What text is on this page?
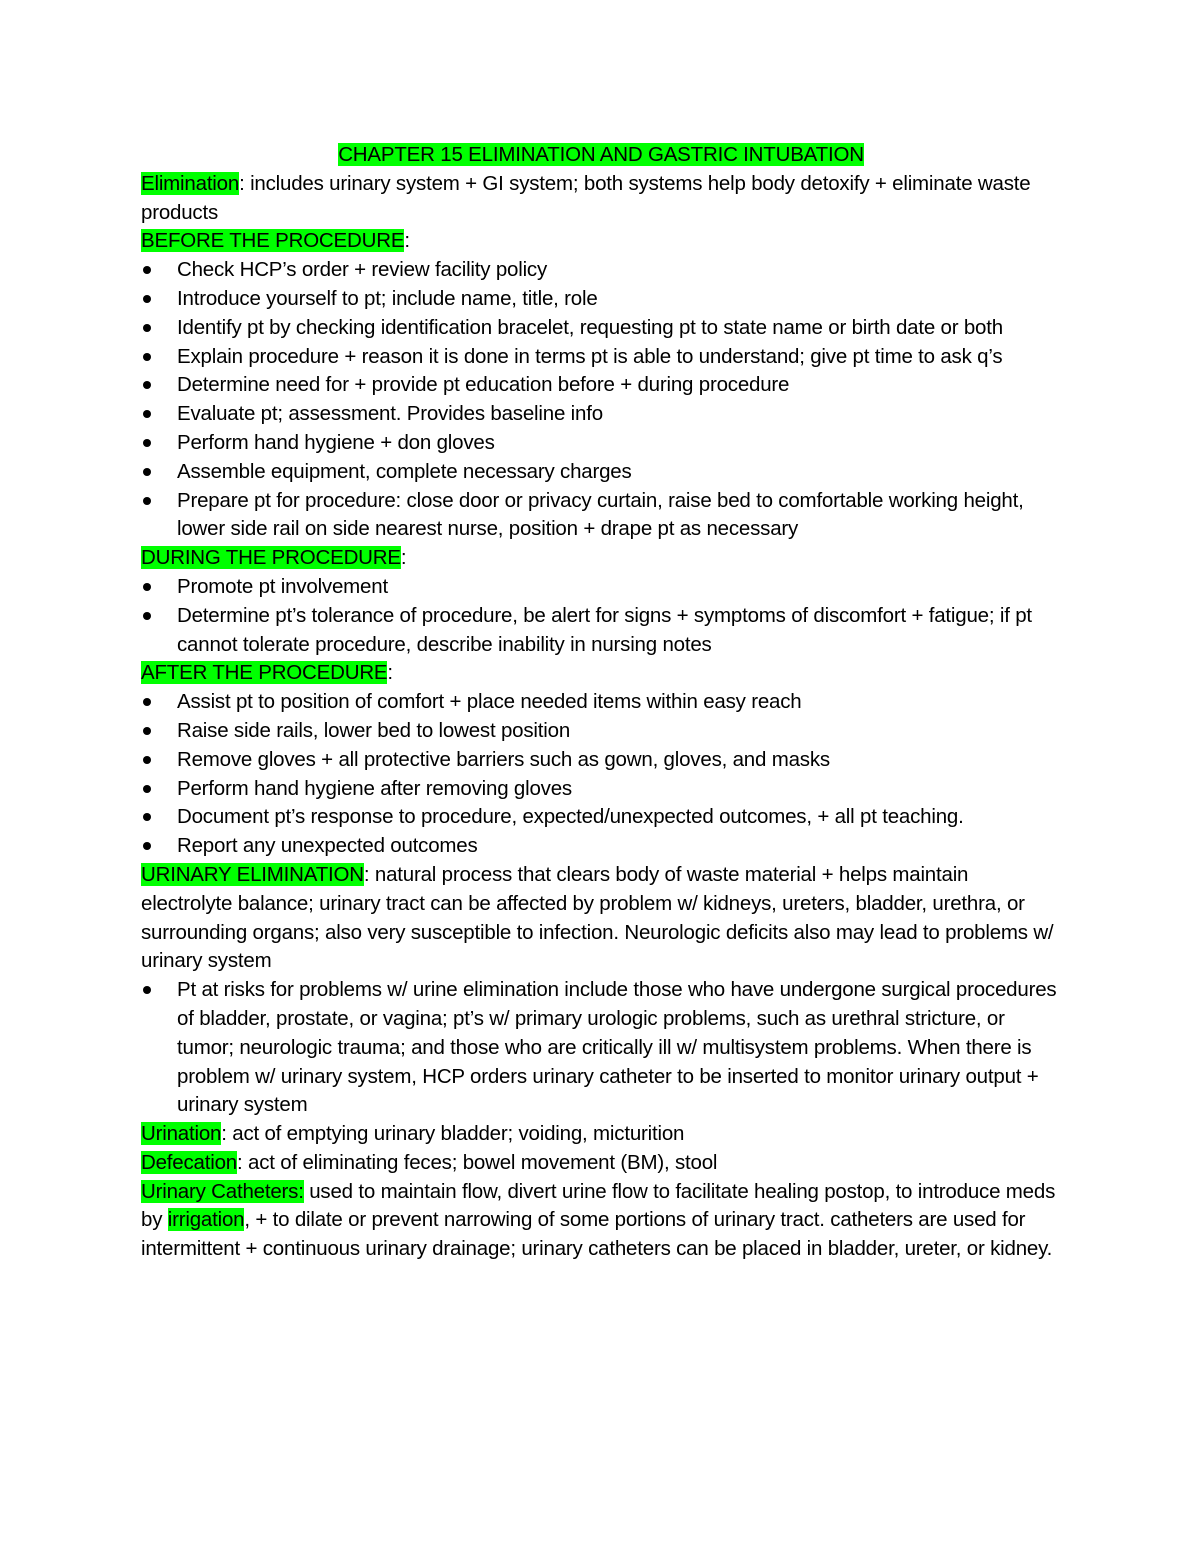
CHAPTER 15 ELIMINATION AND GASTRIC INTUBATION

Elimination: includes urinary system + GI system; both systems help body detoxify + eliminate waste products

BEFORE THE PROCEDURE:

Check HCP’s order + review facility policy
Introduce yourself to pt; include name, title, role
Identify pt by checking identification bracelet, requesting pt to state name or birth date or both
Explain procedure + reason it is done in terms pt is able to understand; give pt time to ask q’s
Determine need for + provide pt education before + during procedure
Evaluate pt; assessment. Provides baseline info
Perform hand hygiene + don gloves
Assemble equipment, complete necessary charges
Prepare pt for procedure: close door or privacy curtain, raise bed to comfortable working height, lower side rail on side nearest nurse, position + drape pt as necessary

DURING THE PROCEDURE:

Promote pt involvement
Determine pt’s tolerance of procedure, be alert for signs + symptoms of discomfort + fatigue; if pt cannot tolerate procedure, describe inability in nursing notes

AFTER THE PROCEDURE:

Assist pt to position of comfort + place needed items within easy reach
Raise side rails, lower bed to lowest position
Remove gloves + all protective barriers such as gown, gloves, and masks
Perform hand hygiene after removing gloves
Document pt’s response to procedure, expected/unexpected outcomes, + all pt teaching.
Report any unexpected outcomes

URINARY ELIMINATION: natural process that clears body of waste material + helps maintain electrolyte balance; urinary tract can be affected by problem w/ kidneys, ureters, bladder, urethra, or surrounding organs; also very susceptible to infection. Neurologic deficits also may lead to problems w/ urinary system

Pt at risks for problems w/ urine elimination include those who have undergone surgical procedures of bladder, prostate, or vagina; pt’s w/ primary urologic problems, such as urethral stricture, or tumor; neurologic trauma; and those who are critically ill w/ multisystem problems. When there is problem w/ urinary system, HCP orders urinary catheter to be inserted to monitor urinary output + urinary system

Urination: act of emptying urinary bladder; voiding, micturition

Defecation: act of eliminating feces; bowel movement (BM), stool

Urinary Catheters: used to maintain flow, divert urine flow to facilitate healing postop, to introduce meds by irrigation, + to dilate or prevent narrowing of some portions of urinary tract. catheters are used for intermittent + continuous urinary drainage; urinary catheters can be placed in bladder, ureter, or kidney.
